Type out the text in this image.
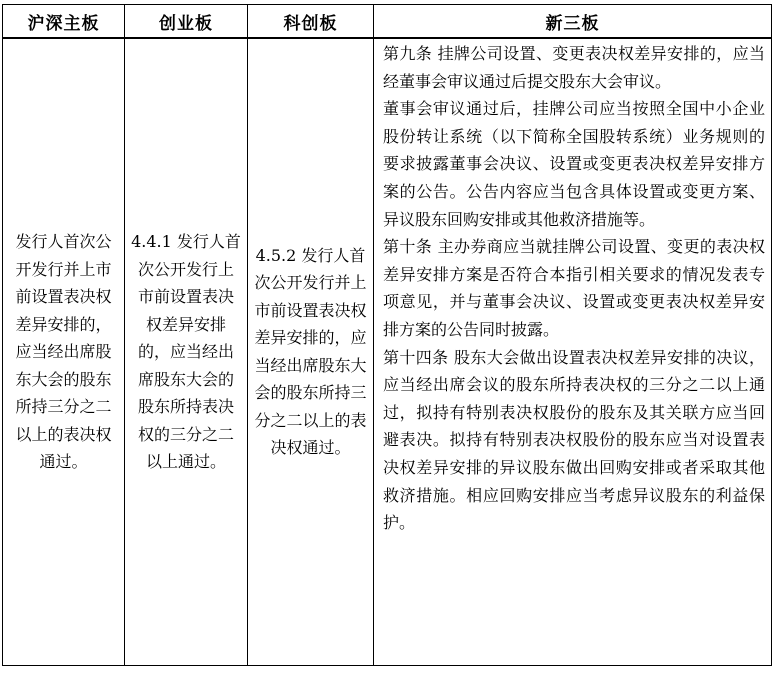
沪深主板	创业板	科创板	新三板
发行人首次公开发行并上市前设置表决权差异安排的，应当经出席股东大会的股东所持三分之二以上的表决权通过。	4.4.1 发行人首次公开发行上市前设置表决权差异安排的，应当经出席股东大会的股东所持表决权的三分之二以上通过。	4.5.2 发行人首次公开发行并上市前设置表决权差异安排的，应当经出席股东大会的股东所持三分之二以上的表决权通过。	第九条 挂牌公司设置、变更表决权差异安排的，应当经董事会审议通过后提交股东大会审议。

董事会审议通过后，挂牌公司应当按照全国中小企业股份转让系统（以下简称全国股转系统）业务规则的要求披露董事会决议、设置或变更表决权差异安排方案的公告。公告内容应当包含具体设置或变更方案、异议股东回购安排或其他救济措施等。

第十条 主办券商应当就挂牌公司设置、变更的表决权差异安排方案是否符合本指引相关要求的情况发表专项意见，并与董事会决议、设置或变更表决权差异安排方案的公告同时披露。

第十四条 股东大会做出设置表决权差异安排的决议，应当经出席会议的股东所持表决权的三分之二以上通过，拟持有特别表决权股份的股东及其关联方应当回避表决。拟持有特别表决权股份的股东应当对设置表决权差异安排的异议股东做出回购安排或者采取其他救济措施。相应回购安排应当考虑异议股东的利益保护。
